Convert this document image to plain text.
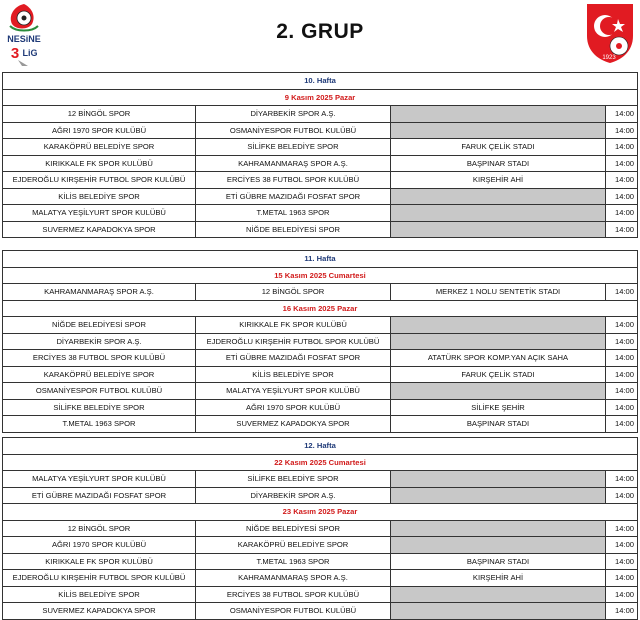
NESiNE
3 LiG
2. GRUP
1923
10. Hafta			
9 Kasım 2025 Pazar			
12 BİNGÖL SPOR	DİYARBEKİR SPOR A.Ş.		14:00
AĞRI 1970 SPOR KULÜBÜ	OSMANİYESPOR FUTBOL KULÜBÜ		14:00
KARAKÖPRÜ BELEDİYE SPOR	SİLİFKE BELEDİYE SPOR	FARUK ÇELİK STADI	14:00
KIRIKKALE FK SPOR KULÜBÜ	KAHRAMANMARAŞ SPOR A.Ş.	BAŞPINAR STADI	14:00
EJDEROĞLU KIRŞEHİR FUTBOL SPOR KULÜBÜ	ERCİYES 38 FUTBOL SPOR KULÜBÜ	KIRŞEHİR AHİ	14:00
KİLİS BELEDİYE SPOR	ETİ GÜBRE MAZIDAĞI FOSFAT SPOR		14:00
MALATYA YEŞİLYURT SPOR KULÜBÜ	T.METAL 1963 SPOR		14:00
SUVERMEZ KAPADOKYA SPOR	NİĞDE BELEDİYESİ SPOR		14:00
11. Hafta			
15 Kasım 2025 Cumartesi			
KAHRAMANMARAŞ SPOR A.Ş.	12 BİNGÖL SPOR	MERKEZ 1 NOLU SENTETİK STADI	14:00
16 Kasım 2025 Pazar			
NİĞDE BELEDİYESİ SPOR	KIRIKKALE FK SPOR KULÜBÜ		14:00
DİYARBEKİR SPOR A.Ş.	EJDEROĞLU KIRŞEHİR FUTBOL SPOR KULÜBÜ		14:00
ERCİYES 38 FUTBOL SPOR KULÜBÜ	ETİ GÜBRE MAZIDAĞI FOSFAT SPOR	ATATÜRK SPOR KOMP.YAN AÇIK SAHA	14:00
KARAKÖPRÜ BELEDİYE SPOR	KİLİS BELEDİYE SPOR	FARUK ÇELİK STADI	14:00
OSMANİYESPOR FUTBOL KULÜBÜ	MALATYA YEŞİLYURT SPOR KULÜBÜ		14:00
SİLİFKE BELEDİYE SPOR	AĞRI 1970 SPOR KULÜBÜ	SİLİFKE ŞEHİR	14:00
T.METAL 1963 SPOR	SUVERMEZ KAPADOKYA SPOR	BAŞPINAR STADI	14:00
12. Hafta			
22 Kasım 2025 Cumartesi			
MALATYA YEŞİLYURT SPOR KULÜBÜ	SİLİFKE BELEDİYE SPOR		14:00
ETİ GÜBRE MAZIDAĞI FOSFAT SPOR	DİYARBEKİR SPOR A.Ş.		14:00
23 Kasım 2025 Pazar			
12 BİNGÖL SPOR	NİĞDE BELEDİYESİ SPOR		14:00
AĞRI 1970 SPOR KULÜBÜ	KARAKÖPRÜ BELEDİYE SPOR		14:00
KIRIKKALE FK SPOR KULÜBÜ	T.METAL 1963 SPOR	BAŞPINAR STADI	14:00
EJDEROĞLU KIRŞEHİR FUTBOL SPOR KULÜBÜ	KAHRAMANMARAŞ SPOR A.Ş.	KIRŞEHİR AHİ	14:00
KİLİS BELEDİYE SPOR	ERCİYES 38 FUTBOL SPOR KULÜBÜ		14:00
SUVERMEZ KAPADOKYA SPOR	OSMANİYESPOR FUTBOL KULÜBÜ		14:00
